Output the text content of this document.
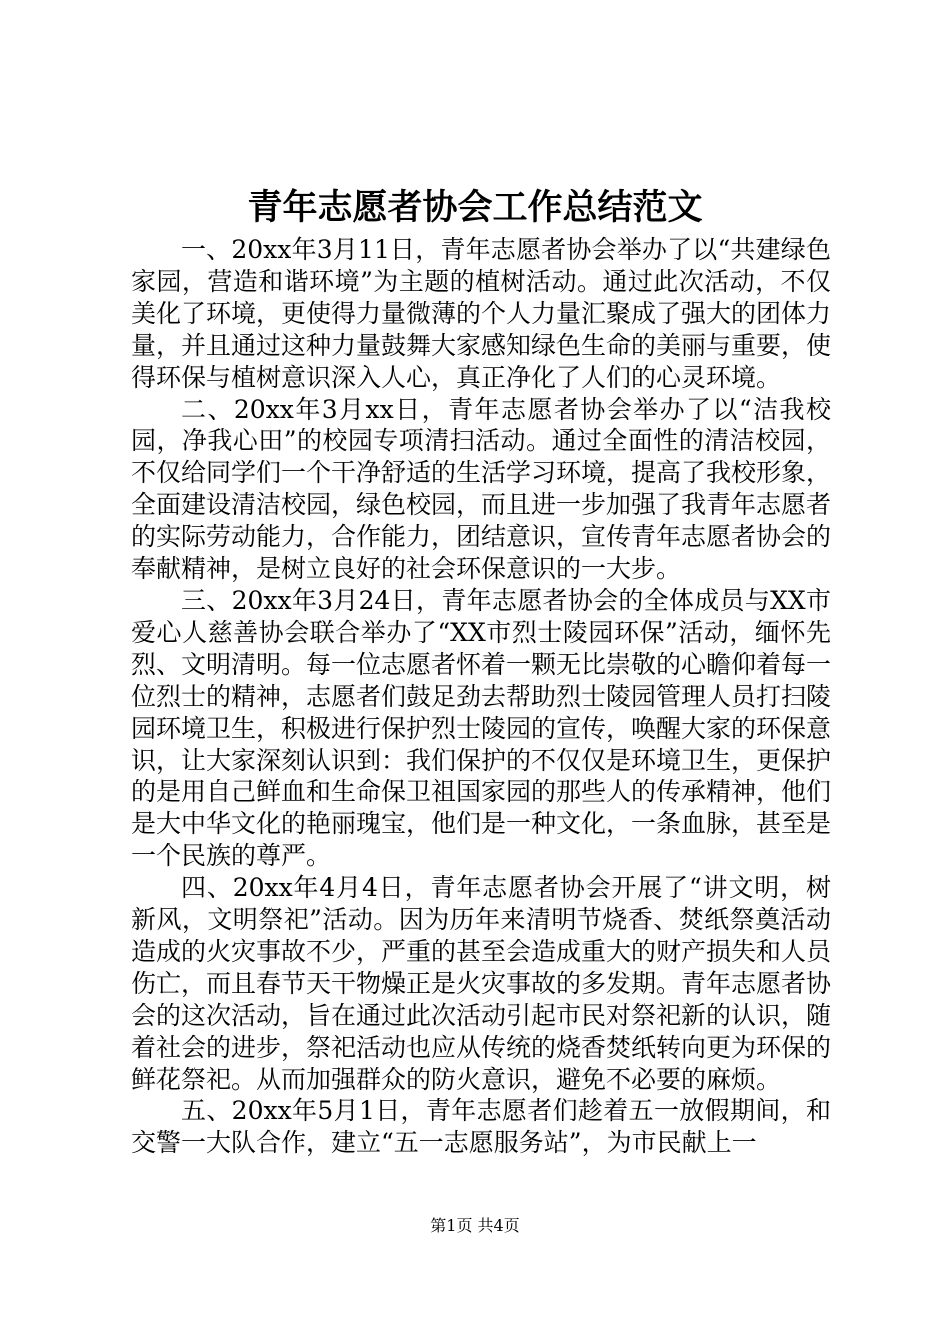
青年志愿者协会工作总结范文

一、20xx年3月11日，青年志愿者协会举办了以“共建绿色家园，营造和谐环境”为主题的植树活动。通过此次活动，不仅美化了环境，更使得力量微薄的个人力量汇聚成了强大的团体力量，并且通过这种力量鼓舞大家感知绿色生命的美丽与重要，使得环保与植树意识深入人心，真正净化了人们的心灵环境。

二、20xx年3月xx日，青年志愿者协会举办了以“洁我校园，净我心田”的校园专项清扫活动。通过全面性的清洁校园，不仅给同学们一个干净舒适的生活学习环境，提高了我校形象，全面建设清洁校园，绿色校园，而且进一步加强了我青年志愿者的实际劳动能力，合作能力，团结意识，宣传青年志愿者协会的奉献精神，是树立良好的社会环保意识的一大步。

三、20xx年3月24日，青年志愿者协会的全体成员与XX市爱心人慈善协会联合举办了“XX市烈士陵园环保”活动，缅怀先烈、文明清明。每一位志愿者怀着一颗无比崇敬的心瞻仰着每一位烈士的精神，志愿者们鼓足劲去帮助烈士陵园管理人员打扫陵园环境卫生，积极进行保护烈士陵园的宣传，唤醒大家的环保意识，让大家深刻认识到：我们保护的不仅仅是环境卫生，更保护的是用自己鲜血和生命保卫祖国家园的那些人的传承精神，他们是大中华文化的艳丽瑰宝，他们是一种文化，一条血脉，甚至是一个民族的尊严。

四、20xx年4月4日，青年志愿者协会开展了“讲文明，树新风，文明祭祀”活动。因为历年来清明节烧香、焚纸祭奠活动造成的火灾事故不少，严重的甚至会造成重大的财产损失和人员伤亡，而且春节天干物燥正是火灾事故的多发期。青年志愿者协会的这次活动，旨在通过此次活动引起市民对祭祀新的认识，随着社会的进步，祭祀活动也应从传统的烧香焚纸转向更为环保的鲜花祭祀。从而加强群众的防火意识，避免不必要的麻烦。

五、20xx年5月1日，青年志愿者们趁着五一放假期间，和交警一大队合作，建立“五一志愿服务站”，为市民献上一

第1页 共4页
